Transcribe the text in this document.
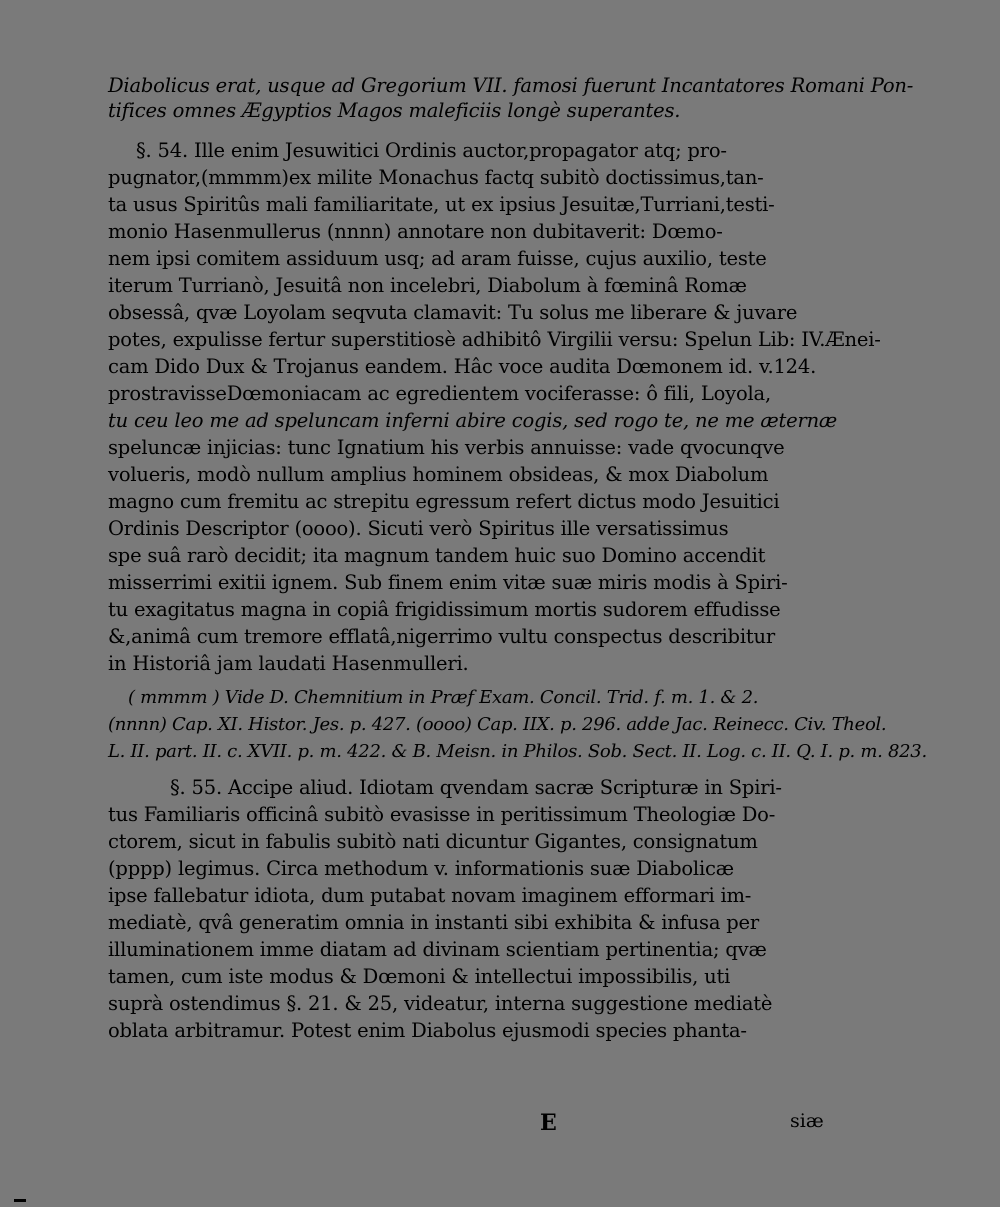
Diabolicus erat, usque ad Gregorium VII. famosi fuerunt Incantatores Romani Pon-
tifices omnes Ægyptios Magos maleficiis longè superantes.
§. 54. Ille enim Jesuwitici Ordinis auctor,propagator atq; pro-
pugnator,(mmmm)ex milite Monachus factq subitò doctissimus,tan-
ta usus Spiritûs mali familiaritate, ut ex ipsius Jesuitæ,Turriani,testi-
monio Hasenmullerus (nnnn) annotare non dubitaverit: Dœmo-
nem ipsi comitem assiduum usq; ad aram fuisse, cujus auxilio, teste
iterum Turrianò, Jesuitâ non incelebri, Diabolum à fœminâ Romæ
obsessâ, qvæ Loyolam seqvuta clamavit: Tu solus me liberare & juvare
potes, expulisse fertur superstitiosè adhibitô Virgilii versu: Spelun Lib: IV.Ænei-
cam Dido Dux & Trojanus eandem. Hâc voce audita Dœmonem id. v.124.
prostravisseDœmoniacam ac egredientem vociferasse: ô fili, Loyola,
tu ceu leo me ad speluncam inferni abire cogis, sed rogo te, ne me æternæ
speluncæ injicias: tunc Ignatium his verbis annuisse: vade qvocunqve
volueris, modò nullum amplius hominem obsideas, & mox Diabolum
magno cum fremitu ac strepitu egressum refert dictus modo Jesuitici
Ordinis Descriptor (oooo). Sicuti verò Spiritus ille versatissimus
spe suâ rarò decidit; ita magnum tandem huic suo Domino accendit
misserrimi exitii ignem. Sub finem enim vitæ suæ miris modis à Spiri-
tu exagitatus magna in copiâ frigidissimum mortis sudorem effudisse
&,animâ cum tremore efflatâ,nigerrimo vultu conspectus describitur
in Historiâ jam laudati Hasenmulleri.
( mmmm ) Vide D. Chemnitium in Præf Exam. Concil. Trid. f. m. 1. & 2.
(nnnn) Cap. XI. Histor. Jes. p. 427. (oooo) Cap. IIX. p. 296. adde Jac. Reinecc. Civ. Theol.
L. II. part. II. c. XVII. p. m. 422. & B. Meisn. in Philos. Sob. Sect. II. Log. c. II. Q. I. p. m. 823.
§. 55. Accipe aliud. Idiotam qvendam sacræ Scripturæ in Spiri-
tus Familiaris officinâ subitò evasisse in peritissimum Theologiæ Do-
ctorem, sicut in fabulis subitò nati dicuntur Gigantes, consignatum
(pppp) legimus. Circa methodum v. informationis suæ Diabolicæ
ipse fallebatur idiota, dum putabat novam imaginem efformari im-
mediatè, qvâ generatim omnia in instanti sibi exhibita & infusa per
illuminationem imme diatam ad divinam scientiam pertinentia; qvæ
tamen, cum iste modus & Dœmoni & intellectui impossibilis, uti
suprà ostendimus §. 21. & 25, videatur, interna suggestione mediatè
oblata arbitramur. Potest enim Diabolus ejusmodi species phanta-
E	siæ
